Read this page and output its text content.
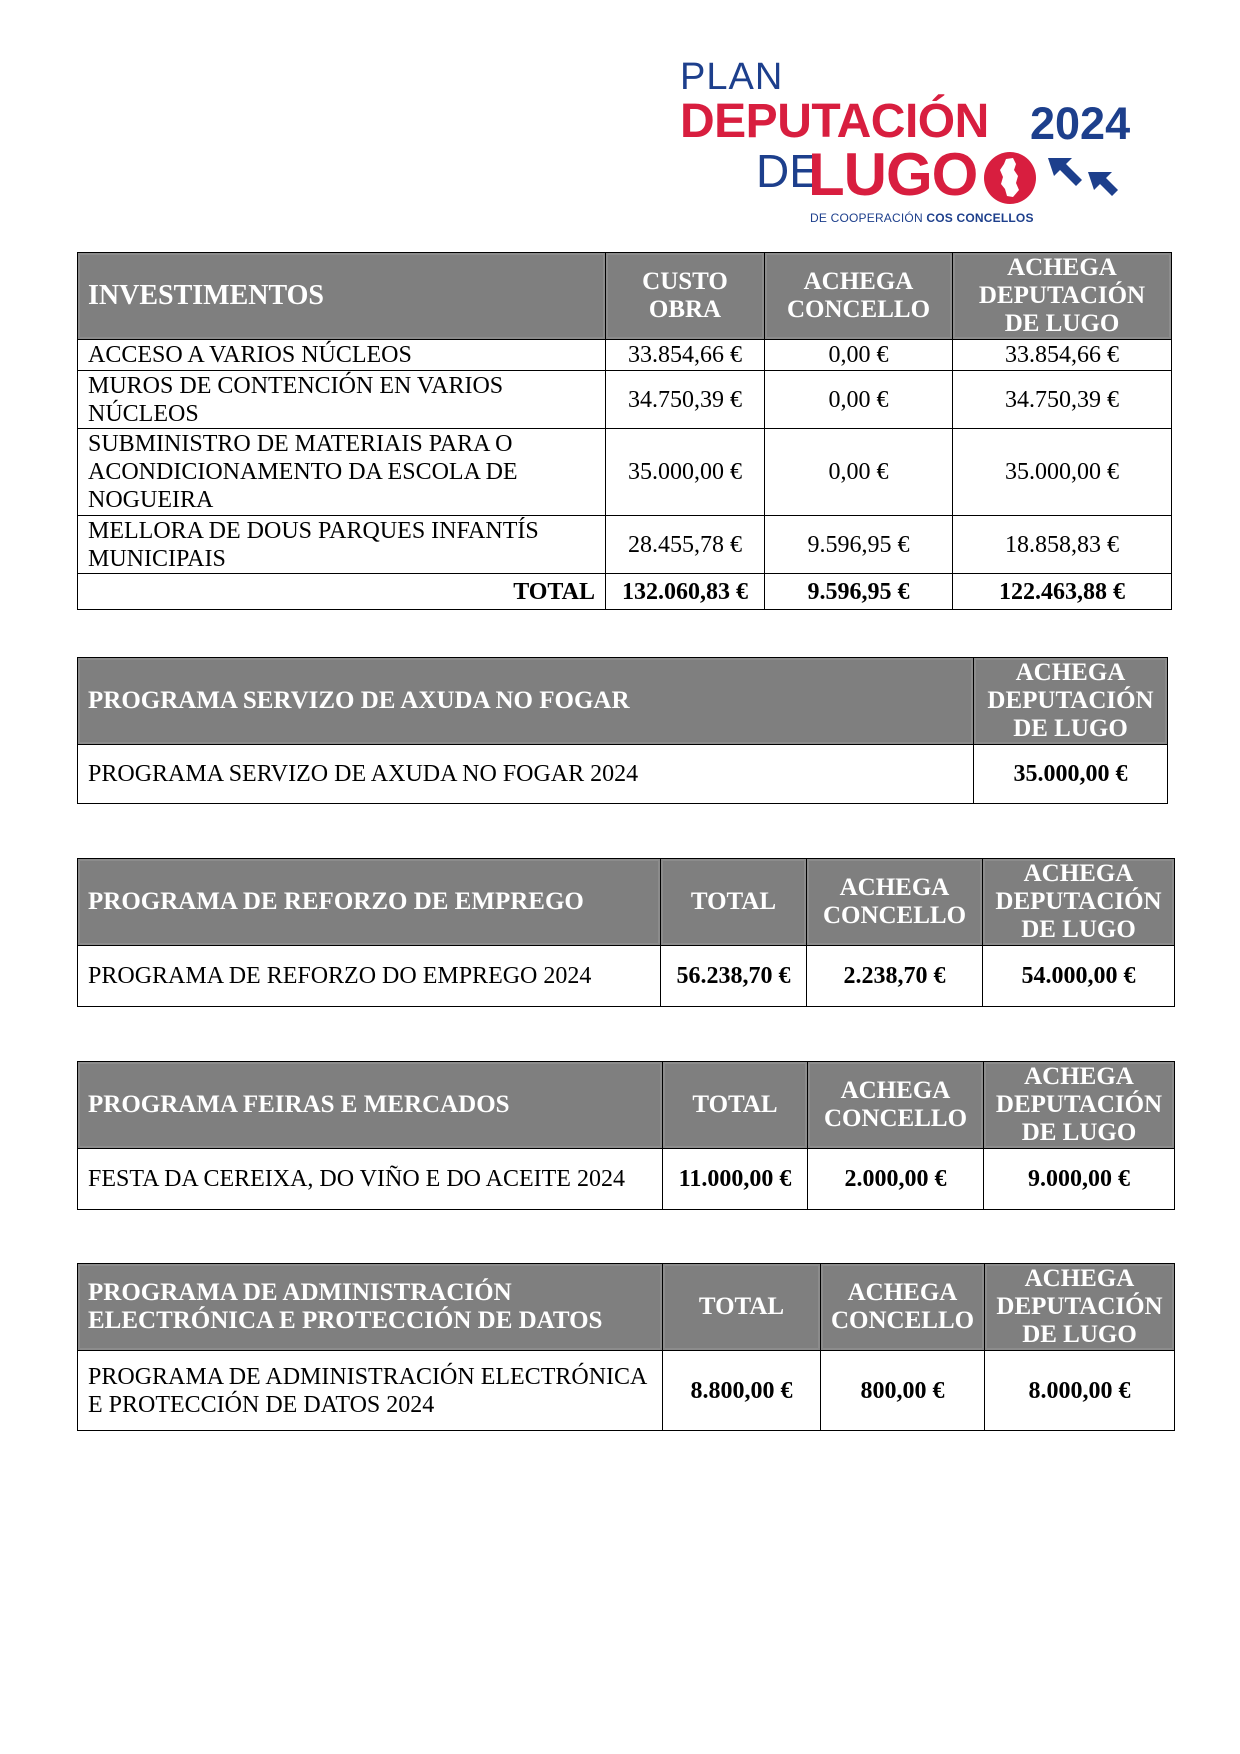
PLAN
DEPUTACIÓN 2024
DE
LUGO
DE COOPERACIÓN COS CONCELLOS
INVESTIMENTOS	CUSTO OBRA	ACHEGA CONCELLO	ACHEGA DEPUTACIÓN DE LUGO
ACCESO A VARIOS NÚCLEOS	33.854,66 €	0,00 €	33.854,66 €
MUROS DE CONTENCIÓN EN VARIOS NÚCLEOS	34.750,39 €	0,00 €	34.750,39 €
SUBMINISTRO DE MATERIAIS PARA O ACONDICIONAMENTO DA ESCOLA DE NOGUEIRA	35.000,00 €	0,00 €	35.000,00 €
MELLORA DE DOUS PARQUES INFANTÍS MUNICIPAIS	28.455,78 €	9.596,95 €	18.858,83 €
TOTAL	132.060,83 €	9.596,95 €	122.463,88 €
PROGRAMA SERVIZO DE AXUDA NO FOGAR	ACHEGA DEPUTACIÓN DE LUGO
PROGRAMA SERVIZO DE AXUDA NO FOGAR 2024	35.000,00 €
PROGRAMA DE REFORZO DE EMPREGO	TOTAL	ACHEGA CONCELLO	ACHEGA DEPUTACIÓN DE LUGO
PROGRAMA DE REFORZO DO EMPREGO 2024	56.238,70 €	2.238,70 €	54.000,00 €
PROGRAMA FEIRAS E MERCADOS	TOTAL	ACHEGA CONCELLO	ACHEGA DEPUTACIÓN DE LUGO
FESTA DA CEREIXA, DO VIÑO E DO ACEITE 2024	11.000,00 €	2.000,00 €	9.000,00 €
PROGRAMA DE ADMINISTRACIÓN ELECTRÓNICA E PROTECCIÓN DE DATOS	TOTAL	ACHEGA CONCELLO	ACHEGA DEPUTACIÓN DE LUGO
PROGRAMA DE ADMINISTRACIÓN ELECTRÓNICA E PROTECCIÓN DE DATOS 2024	8.800,00 €	800,00 €	8.000,00 €
